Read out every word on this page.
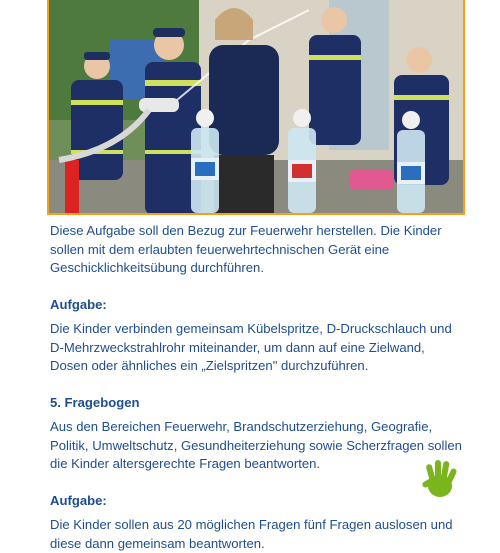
Diese Aufgabe soll den Bezug zur Feuerwehr herstellen. Die Kinder sollen mit dem erlaubten feuerwehrtechnischen Gerät eine Geschicklichkeitsübung durchführen.

Aufgabe:

Die Kinder verbinden gemeinsam Kübelspritze, D-Druckschlauch und D-Mehrzweckstrahlrohr miteinander, um dann auf eine Zielwand, Dosen oder ähnliches ein „Zielspritzen" durchzuführen.

5. Fragebogen

Aus den Bereichen Feuerwehr, Brandschutzerziehung, Geografie, Politik, Umweltschutz, Gesundheiterziehung sowie Scherzfragen sollen die Kinder altersgerechte Fragen beantworten.

Aufgabe:

Die Kinder sollen aus 20 möglichen Fragen fünf Fragen auslosen und diese dann gemeinsam beantworten.
